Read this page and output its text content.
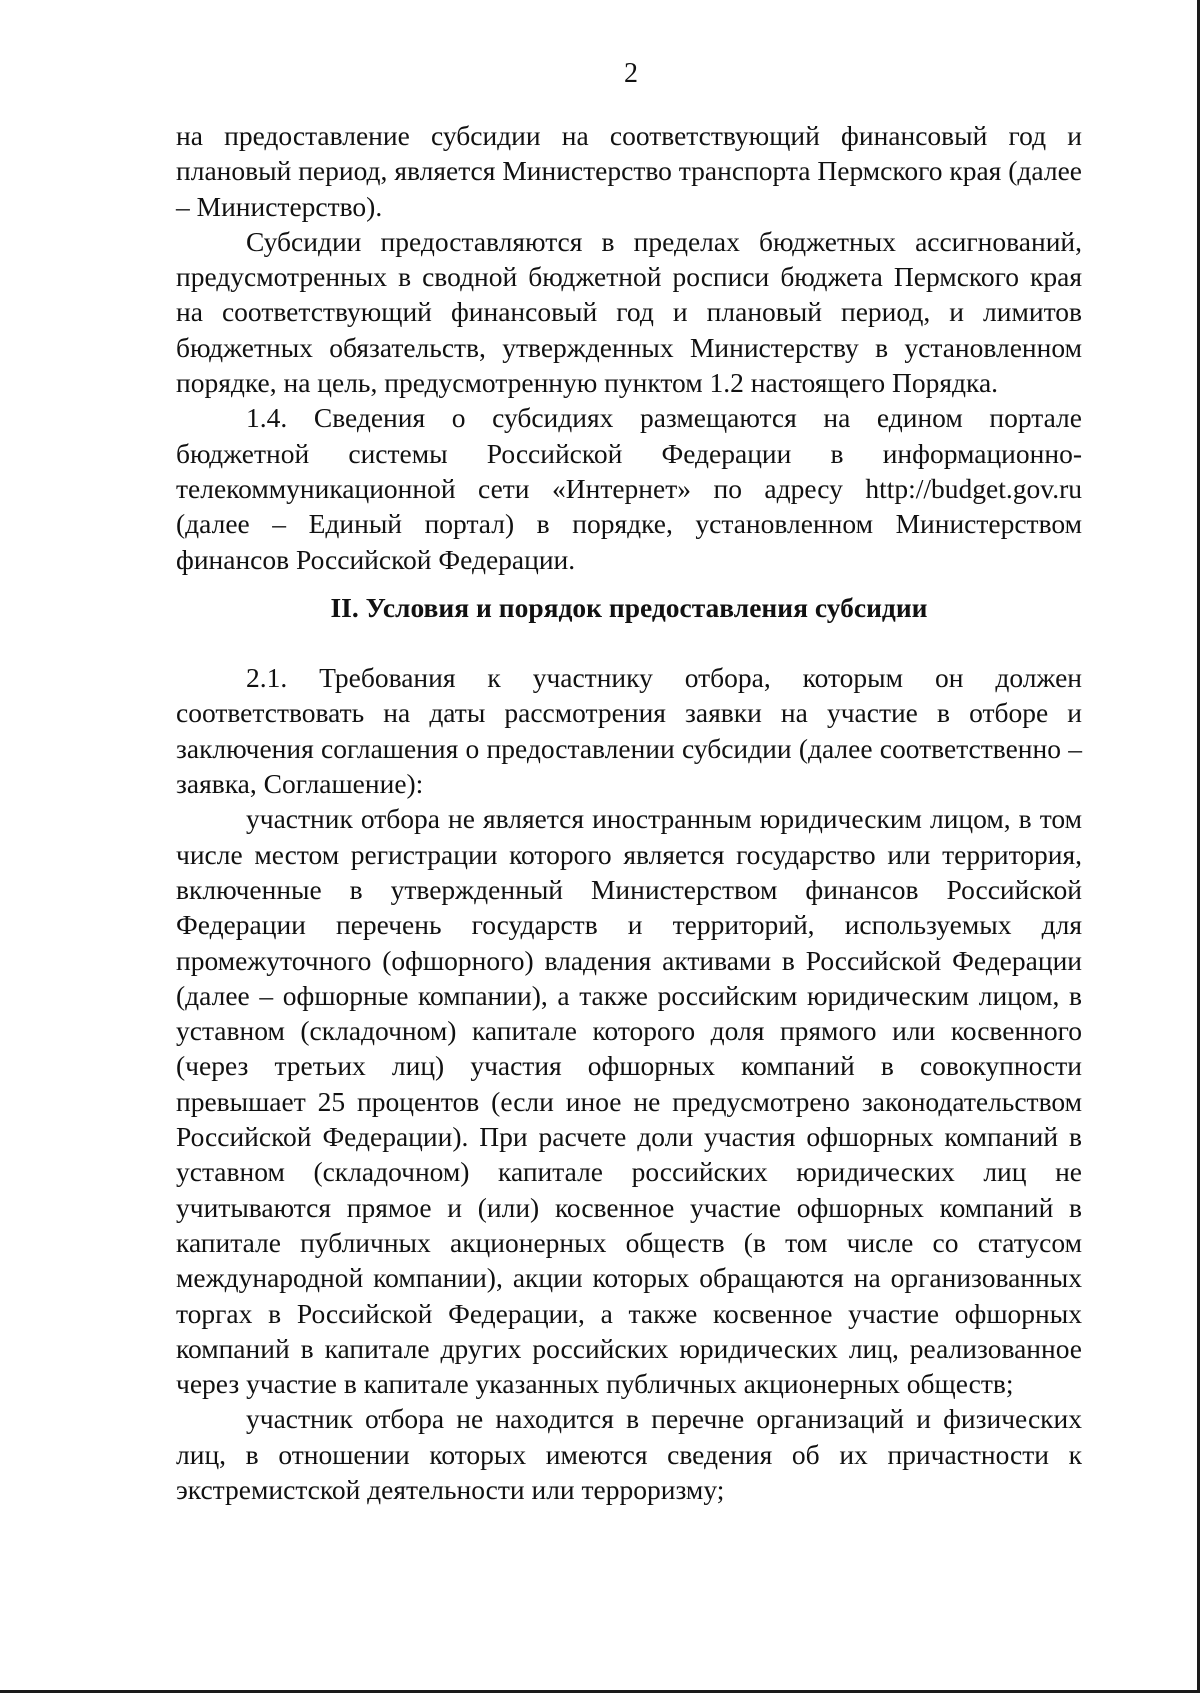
2

на предоставление субсидии на соответствующий финансовый год и плановый период, является Министерство транспорта Пермского края (далее – Министерство).

Субсидии предоставляются в пределах бюджетных ассигнований, предусмотренных в сводной бюджетной росписи бюджета Пермского края на соответствующий финансовый год и плановый период, и лимитов бюджетных обязательств, утвержденных Министерству в установленном порядке, на цель, предусмотренную пунктом 1.2 настоящего Порядка.

1.4. Сведения о субсидиях размещаются на едином портале бюджетной системы Российской Федерации в информационно-телекоммуникационной сети «Интернет» по адресу http://budget.gov.ru (далее – Единый портал) в порядке, установленном Министерством финансов Российской Федерации.

II. Условия и порядок предоставления субсидии

2.1. Требования к участнику отбора, которым он должен соответствовать на даты рассмотрения заявки на участие в отборе и заключения соглашения о предоставлении субсидии (далее соответственно – заявка, Соглашение):

участник отбора не является иностранным юридическим лицом, в том числе местом регистрации которого является государство или территория, включенные в утвержденный Министерством финансов Российской Федерации перечень государств и территорий, используемых для промежуточного (офшорного) владения активами в Российской Федерации (далее – офшорные компании), а также российским юридическим лицом, в уставном (складочном) капитале которого доля прямого или косвенного (через третьих лиц) участия офшорных компаний в совокупности превышает 25 процентов (если иное не предусмотрено законодательством Российской Федерации). При расчете доли участия офшорных компаний в уставном (складочном) капитале российских юридических лиц не учитываются прямое и (или) косвенное участие офшорных компаний в капитале публичных акционерных обществ (в том числе со статусом международной компании), акции которых обращаются на организованных торгах в Российской Федерации, а также косвенное участие офшорных компаний в капитале других российских юридических лиц, реализованное через участие в капитале указанных публичных акционерных обществ;

участник отбора не находится в перечне организаций и физических лиц, в отношении которых имеются сведения об их причастности к экстремистской деятельности или терроризму;
